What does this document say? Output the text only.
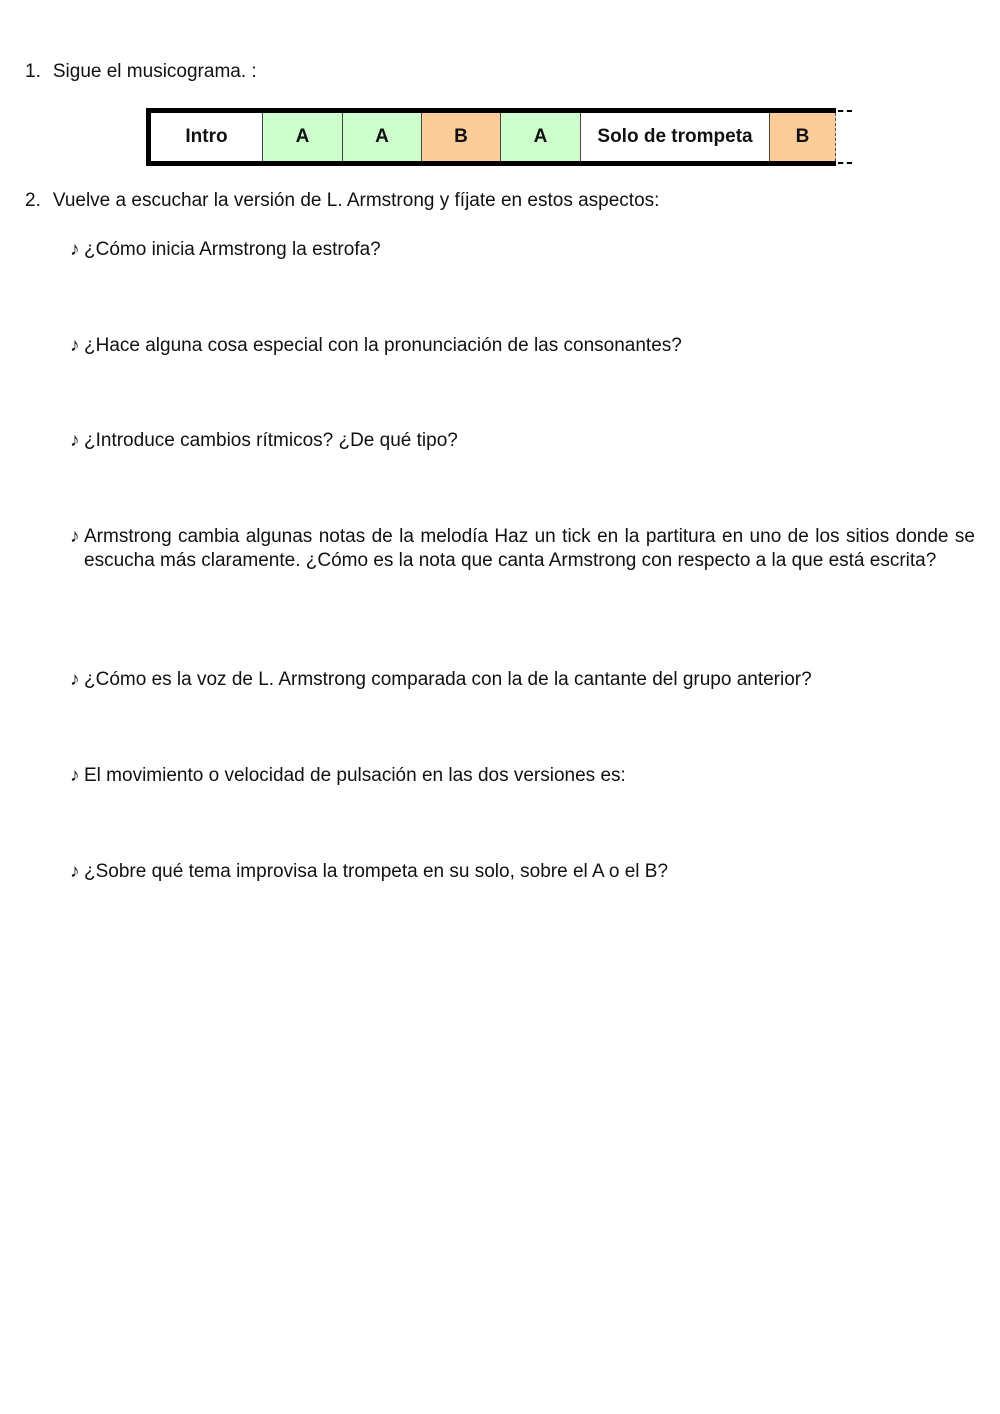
1. Sigue el musicograma. :
Intro	A	A	B	A	Solo de trompeta	B
2. Vuelve a escuchar la versión de L. Armstrong y fíjate en estos aspectos:
♪ ¿Cómo inicia Armstrong la estrofa?
♪ ¿Hace alguna cosa especial con la pronunciación de las consonantes?
♪ ¿Introduce cambios rítmicos? ¿De qué tipo?
♪ Armstrong cambia algunas notas de la melodía Haz un tick en la partitura en uno de los sitios donde se escucha más claramente. ¿Cómo es la nota que canta Armstrong con respecto a la que está escrita?
♪ ¿Cómo es la voz de L. Armstrong comparada con la de la cantante del grupo anterior?
♪ El movimiento o velocidad de pulsación en las dos versiones es:
♪ ¿Sobre qué tema improvisa la trompeta en su solo, sobre el A o el B?
